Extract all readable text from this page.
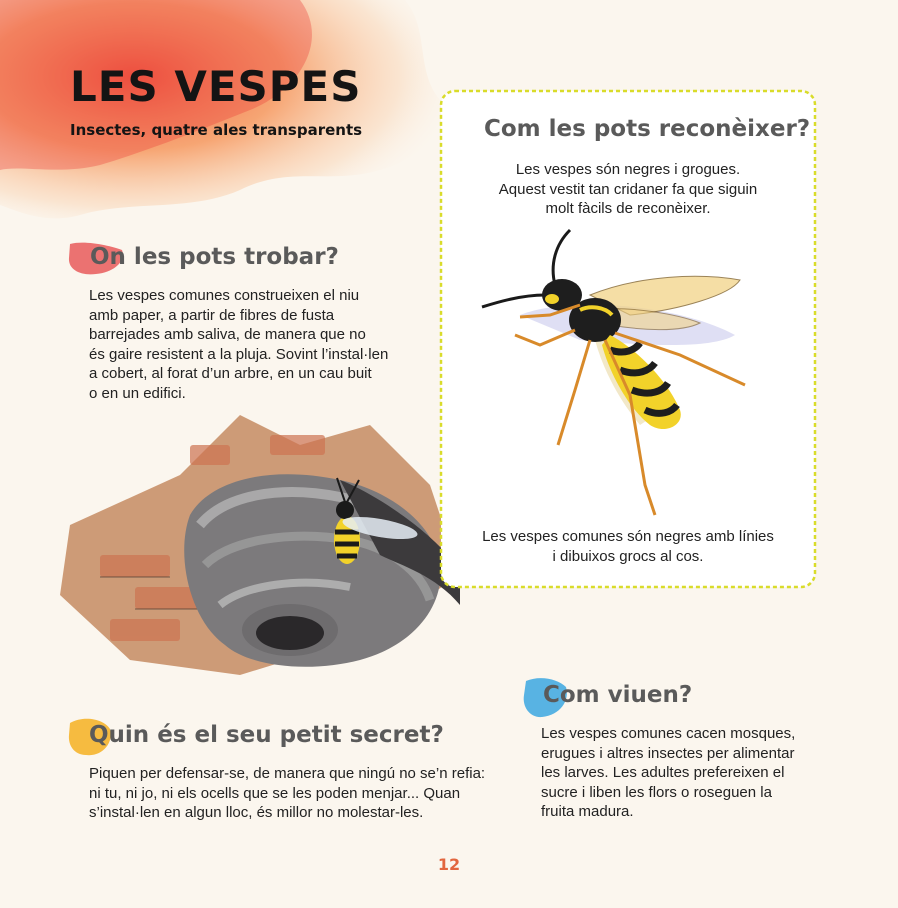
LES VESPES
Insectes, quatre ales transparents
On les pots trobar?
Les vespes comunes construeixen el niu
amb paper, a partir de fibres de fusta
barrejades amb saliva, de manera que no
és gaire resistent a la pluja. Sovint l’instal·len
a cobert, al forat d’un arbre, en un cau buit
o en un edifici.
Com les pots reconèixer?
Les vespes són negres i grogues.
Aquest vestit tan cridaner fa que siguin
molt fàcils de reconèixer.
Les vespes comunes són negres amb línies
i dibuixos grocs al cos.
Com viuen?
Les vespes comunes cacen mosques,
erugues i altres insectes per alimentar
les larves. Les adultes prefereixen el
sucre i liben les flors o roseguen la
fruita madura.
Quin és el seu petit secret?
Piquen per defensar-se, de manera que ningú no se’n refia:
ni tu, ni jo, ni els ocells que se les poden menjar... Quan
s’instal·len en algun lloc, és millor no molestar-les.
12
